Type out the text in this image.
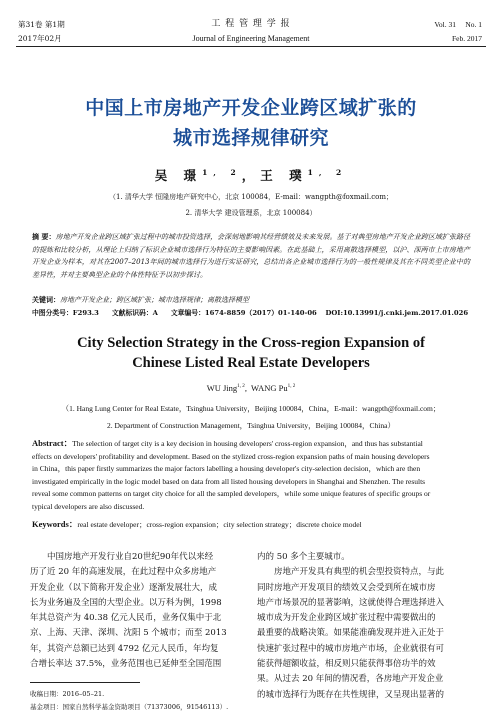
第31卷 第1期
2017年02月
工 程 管 理 学 报
Journal of Engineering Management
Vol. 31     No. 1
Feb. 2017
中国上市房地产开发企业跨区域扩张的
城市选择规律研究
吴 璟$^{1, 2}$，王 璞$^{1, 2}$
（1. 清华大学 恒隆房地产研究中心，北京 100084，E-mail：wangpth@foxmail.com；
2. 清华大学 建设管理系，北京 100084）
摘 要：房地产开发企业跨区域扩张过程中的城市投资选择，会深刻地影响其经营绩效及未来发展。基于对典型房地产开发企业跨区域扩张路径的提炼和比较分析，从理论上归纳了标识企业城市选择行为特征的主要影响因素。在此基础上，采用离散选择模型，以沪、深两市上市房地产开发企业为样本，对其在2007–2013年间的城市选择行为进行实证研究，总结出各企业城市选择行为的一般性规律及其在不同类型企业中的差异性，并对主要典型企业的个体性特征予以初步探讨。
关键词：房地产开发企业；跨区域扩张；城市选择规律；离散选择模型
中图分类号：F293.3 文献标识码：A 文章编号：1674-8859（2017）01-140-06 DOI:10.13991/j.cnki.jem.2017.01.026
City Selection Strategy in the Cross-region Expansion of
Chinese Listed Real Estate Developers
WU Jing$^{1, 2}$,  WANG Pu$^{1, 2}$
（1. Hang Lung Center for Real Estate，Tsinghua University，Beijing 100084，China，E-mail：wangpth@foxmail.com；
2. Department of Construction Management，Tsinghua University，Beijing 100084，China）
Abstract：The selection of target city is a key decision in housing developers' cross-region expansion，and thus has substantial
effects on developers' profitability and development. Based on the stylized cross-region expansion paths of main housing developers
in China，this paper firstly summarizes the major factors labelling a housing developer's city-selection decision，which are then
investigated empirically in the logic model based on data from all listed housing developers in Shanghai and Shenzhen. The results
reveal some common patterns on target city choice for all the sampled developers，while some unique features of specific groups or
typical developers are also discussed.
Keywords：real estate developer；cross-region expansion；city selection strategy；discrete choice model
中国房地产开发行业自20世纪90年代以来经
历了近 20 年的高速发展，在此过程中众多房地产
开发企业（以下简称开发企业）逐渐发展壮大，成
长为业务遍及全国的大型企业。以万科为例，1998
年其总资产为 40.38 亿元人民币，业务仅集中于北
京、上海、天津、深圳、沈阳 5 个城市；而至 2013
年，其资产总额已达到 4792 亿元人民币，年均复
合增长率达 37.5%，业务范围也已延伸至全国范围
收稿日期：2016–05–21.
基金项目：国家自然科学基金资助项目（71373006，91546113）.
内的 50 多个主要城市。
房地产开发具有典型的机会型投资特点，与此
同时房地产开发项目的绩效又会受到所在城市房
地产市场景况的显著影响，这就使得合理选择进入
城市成为开发企业跨区域扩张过程中需要做出的
最重要的战略决策。如果能准确发现并进入正处于
快速扩张过程中的城市房地产市场，企业就很有可
能获得超额收益，相反则只能获得事倍功半的效
果。从过去 20 年间的情况看，各房地产开发企业
的城市选择行为既存在共性规律，又呈现出显著的
